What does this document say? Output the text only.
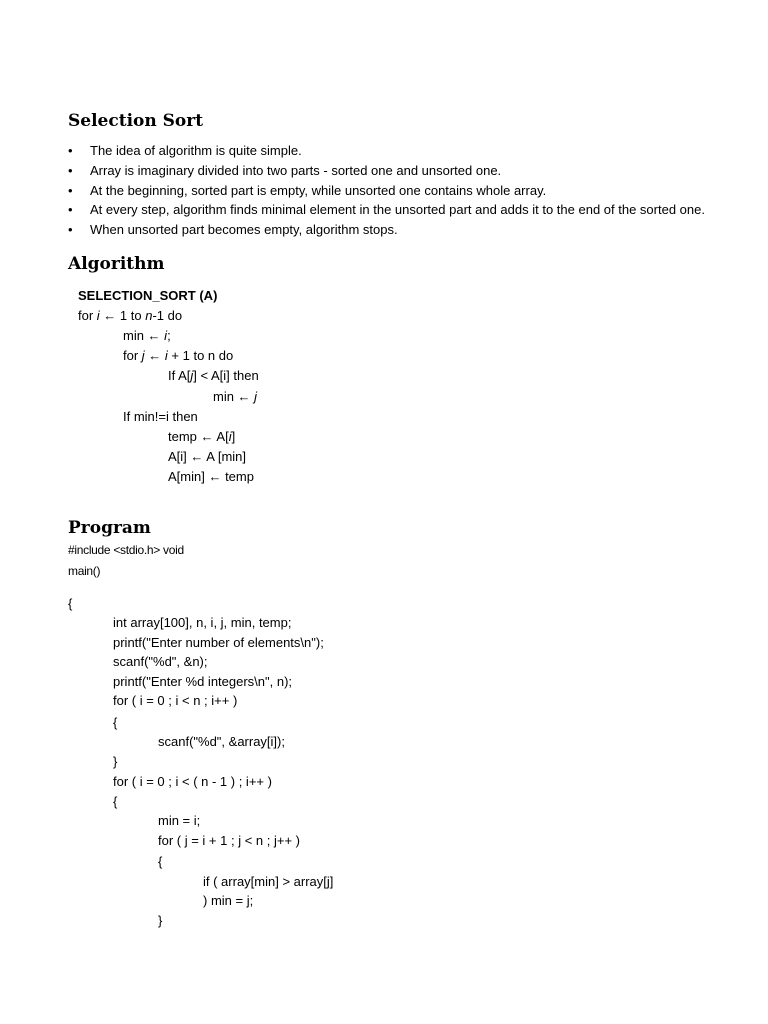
Selection Sort
• The idea of algorithm is quite simple.
• Array is imaginary divided into two parts - sorted one and unsorted one.
• At the beginning, sorted part is empty, while unsorted one contains whole array.
• At every step, algorithm finds minimal element in the unsorted part and adds it to the end of the sorted one.
• When unsorted part becomes empty, algorithm stops.
Algorithm
SELECTION_SORT (A)
for i ← 1 to n-1 do
min ← i;
for j ← i + 1 to n do
If A[j] < A[i] then
min ← j
If min!=i then
temp ← A[i]
A[i] ← A [min]
A[min] ← temp
Program
#include <stdio.h> void
main()
{
int array[100], n, i, j, min, temp;
printf("Enter number of elements\n");
scanf("%d", &n);
printf("Enter %d integers\n", n);
for ( i = 0 ; i < n ; i++ )
{
scanf("%d", &array[i]);
}
for ( i = 0 ; i < ( n - 1 ) ; i++ )
{
min = i;
for ( j = i + 1 ; j < n ; j++ )
{
if ( array[min] > array[j]
) min = j;
}
